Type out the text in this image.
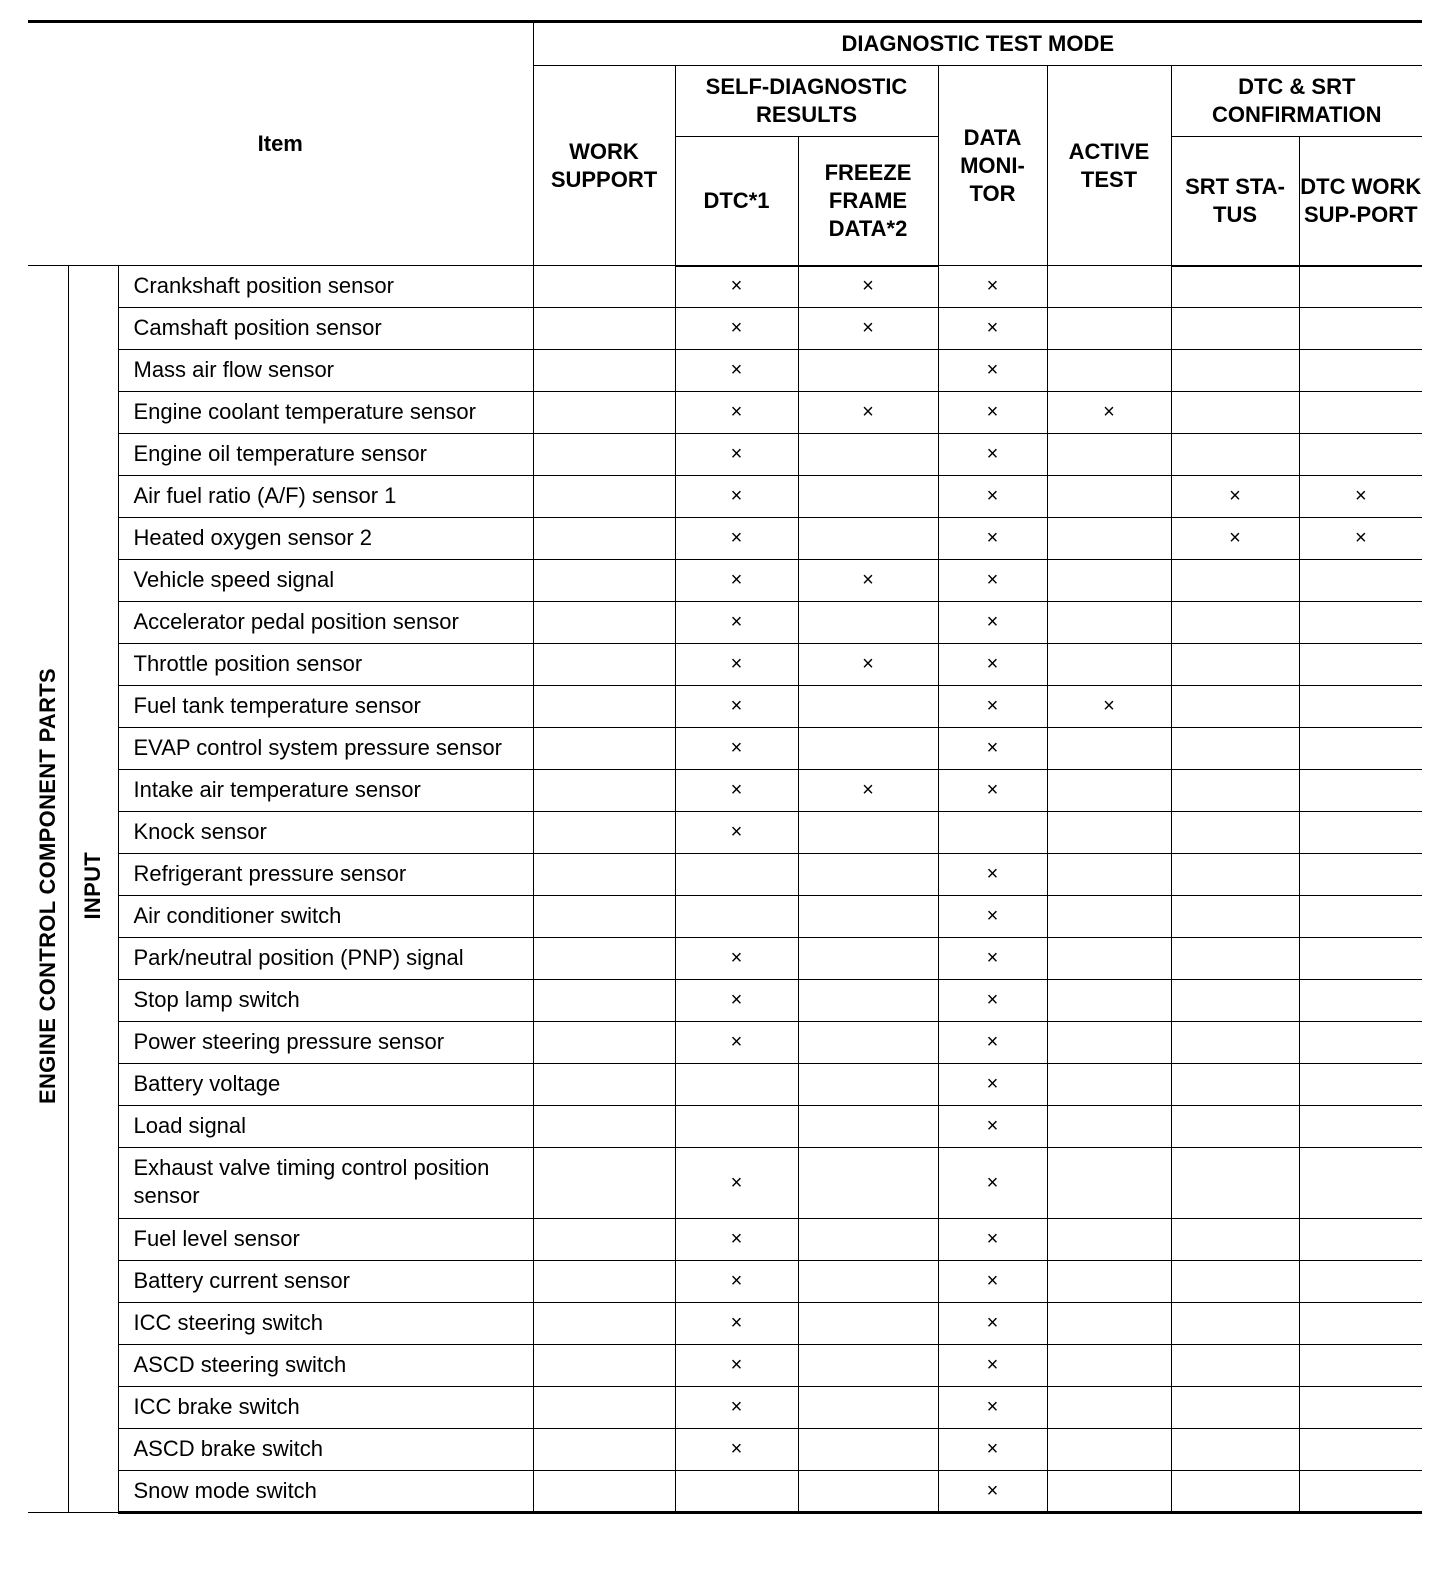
Item			DIAGNOSTIC TEST MODE						
			WORK SUPPORT	SELF-DIAGNOSTIC RESULTS		DATA MONI-TOR	ACTIVE TEST	DTC & SRT CONFIRMATION	
				DTC*1	FREEZE FRAME DATA*2			SRT STA-TUS	DTC WORK SUP-PORT
ENGINE CONTROL COMPONENT PARTS	INPUT	Crankshaft position sensor		×	×	×			
		Camshaft position sensor		×	×	×			
		Mass air flow sensor		×		×			
		Engine coolant temperature sensor		×	×	×	×		
		Engine oil temperature sensor		×		×			
		Air fuel ratio (A/F) sensor 1		×		×		×	×
		Heated oxygen sensor 2		×		×		×	×
		Vehicle speed signal		×	×	×			
		Accelerator pedal position sensor		×		×			
		Throttle position sensor		×	×	×			
		Fuel tank temperature sensor		×		×	×		
		EVAP control system pressure sensor		×		×			
		Intake air temperature sensor		×	×	×			
		Knock sensor		×					
		Refrigerant pressure sensor				×			
		Air conditioner switch				×			
		Park/neutral position (PNP) signal		×		×			
		Stop lamp switch		×		×			
		Power steering pressure sensor		×		×			
		Battery voltage				×			
		Load signal				×			
		Exhaust valve timing control position sensor		×		×			
		Fuel level sensor		×		×			
		Battery current sensor		×		×			
		ICC steering switch		×		×			
		ASCD steering switch		×		×			
		ICC brake switch		×		×			
		ASCD brake switch		×		×			
		Snow mode switch				×			
